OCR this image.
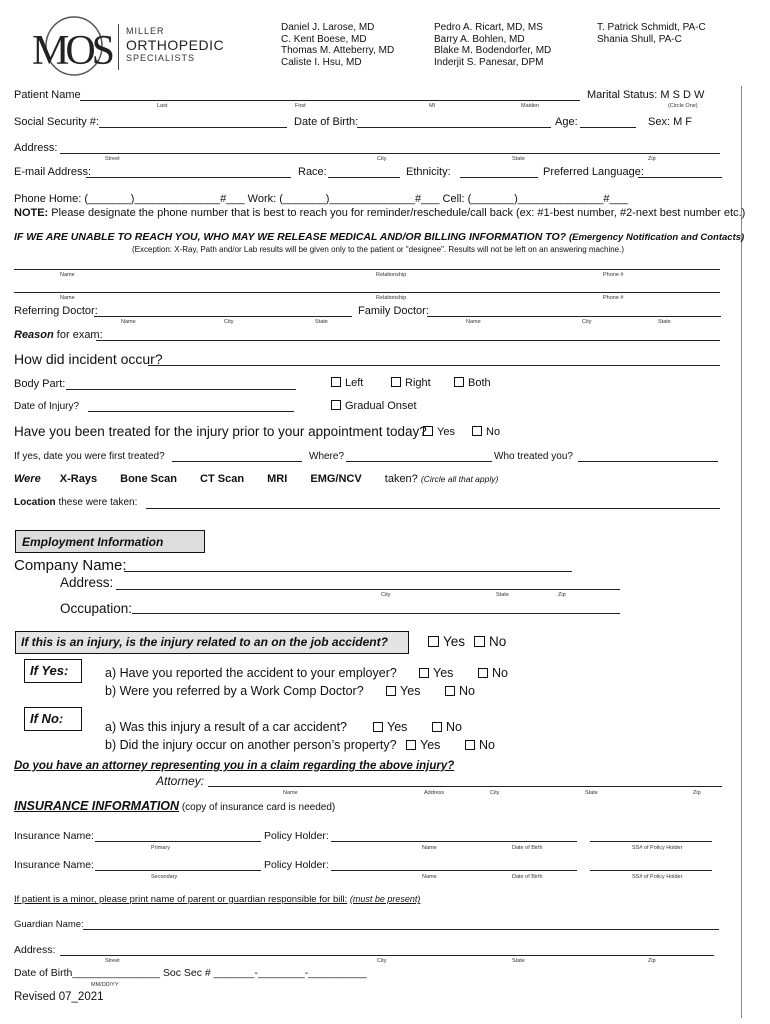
MOS MILLER
ORTHOPEDIC
SPECIALISTS
Daniel J. Larose, MD
C. Kent Boese, MD
Thomas M. Atteberry, MD
Caliste I. Hsu, MD
Pedro A. Ricart, MD, MS
Barry A. Bohlen, MD
Blake M. Bodendorfer, MD
Inderjit S. Panesar, DPM
T. Patrick Schmidt, PA-C
Shania Shull, PA-C
Patient Name	Marital Status: M S D W
Last	First	MI	Maiden	(Circle One)
Social Security #:	Date of Birth:	Age:	Sex: M F
Address:
Street	City	State	Zip
E-mail Address:	Race:	Ethnicity:	Preferred Language:
Phone Home: (_______)______________#___ Work: (_______)______________#___ Cell: (_______)______________#___
NOTE: Please designate the phone number that is best to reach you for reminder/reschedule/call back (ex: #1-best number, #2-next best number etc.)
IF WE ARE UNABLE TO REACH YOU, WHO MAY WE RELEASE MEDICAL AND/OR BILLING INFORMATION TO? (Emergency Notification and Contacts)
(Exception: X-Ray, Path and/or Lab results will be given only to the patient or "designee". Results will not be left on an answering machine.)
Name	Relationship	Phone #
Name	Relationship	Phone #
Referring Doctor:	Family Doctor:
Name	City	State	Name	City	State
Reason for exam:
How did incident occur?
Body Part:	Left	Right	Both
Date of Injury?	Gradual Onset
Have you been treated for the injury prior to your appointment today? Yes	No
If yes, date you were first treated?	Where?	Who treated you?
Were X-Rays Bone Scan CT Scan MRI EMG/NCV taken? (Circle all that apply)
Location these were taken:
Employment Information
Company Name:
Address:
City	State	Zip
Occupation:
If this is an injury, is the injury related to an on the job accident?	Yes	No
If Yes:	a) Have you reported the accident to your employer?	Yes	No
b) Were you referred by a Work Comp Doctor?	Yes	No
If No:
a) Was this injury a result of a car accident?	Yes	No
b) Did the injury occur on another person’s property?	Yes	No
Do you have an attorney representing you in a claim regarding the above injury?
Attorney:
Name	Address	City	State	Zip
INSURANCE INFORMATION (copy of insurance card is needed)
Insurance Name:	Policy Holder:
Primary	Name	Date of Birth	SS# of Policy Holder
Insurance Name:	Policy Holder:
Secondary	Name	Date of Birth	SS# of Policy Holder
If patient is a minor, please print name of parent or guardian responsible for bill: (must be present)
Guardian Name:
Address:
Street	City	State	Zip
Date of Birth_______________ Soc Sec # _______-________-__________
MM/DD/YY
Revised 07_2021
